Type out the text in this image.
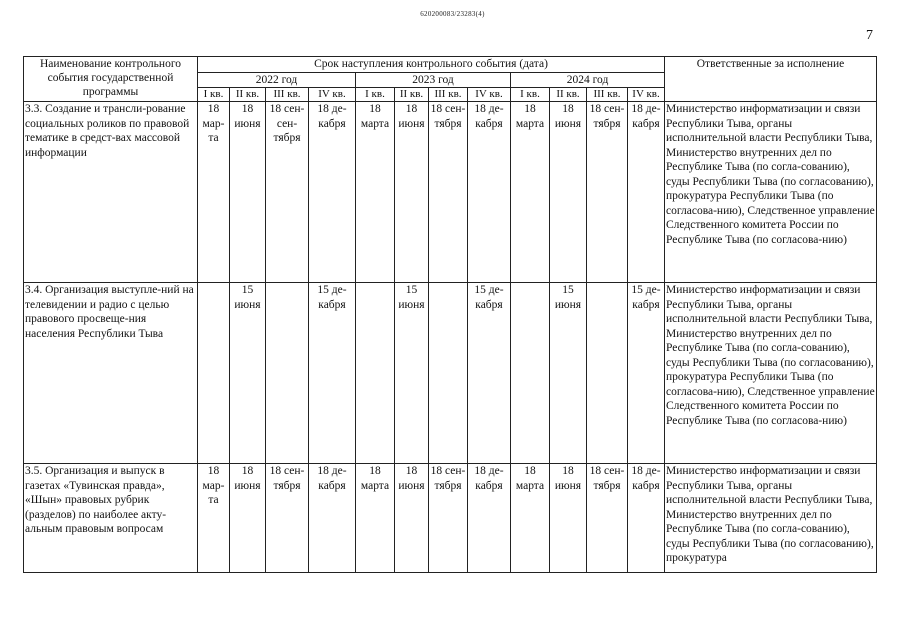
620200083/23283(4)
7
Наименование контрольного события государственной программы	Срок наступления контрольного события (дата)												Ответственные за исполнение
	2022 год				2023 год				2024 год				
	I кв.	II кв.	III кв.	IV кв.	I кв.	II кв.	III кв.	IV кв.	I кв.	II кв.	III кв.	IV кв.	
3.3. Создание и трансли-рование социальных роликов по правовой тематике в средст-вах массовой информации	18 мар-та	18 июня	18 сен-сен-тября	18 де-кабря	18 марта	18 июня	18 сен-тября	18 де-кабря	18 марта	18 июня	18 сен-тября	18 де-кабря	Министерство информатизации и связи Республики Тыва, органы исполнительной власти Республики Тыва, Министерство внутренних дел по Республике Тыва (по согла-сованию), суды Республики Тыва (по согласованию), прокуратура Республики Тыва (по согласова-нию), Следственное управление Следственного комитета России по Республике Тыва (по согласова-нию)
3.4. Организация выступле-ний на телевидении и радио с целью правового просвеще-ния населения Республики Тыва		15 июня		15 де-кабря		15 июня		15 де-кабря		15 июня		15 де-кабря	Министерство информатизации и связи Республики Тыва, органы исполнительной власти Республики Тыва, Министерство внутренних дел по Республике Тыва (по согла-сованию), суды Республики Тыва (по согласованию), прокуратура Республики Тыва (по согласова-нию), Следственное управление Следственного комитета России по Республике Тыва (по согласова-нию)
3.5. Организация и выпуск в газетах «Тувинская правда», «Шын» правовых рубрик (разделов) по наиболее акту-альным правовым вопросам	18 мар-та	18 июня	18 сен-тября	18 де-кабря	18 марта	18 июня	18 сен-тября	18 де-кабря	18 марта	18 июня	18 сен-тября	18 де-кабря	Министерство информатизации и связи Республики Тыва, органы исполнительной власти Республики Тыва, Министерство внутренних дел по Республике Тыва (по согла-сованию), суды Республики Тыва (по согласованию), прокуратура
